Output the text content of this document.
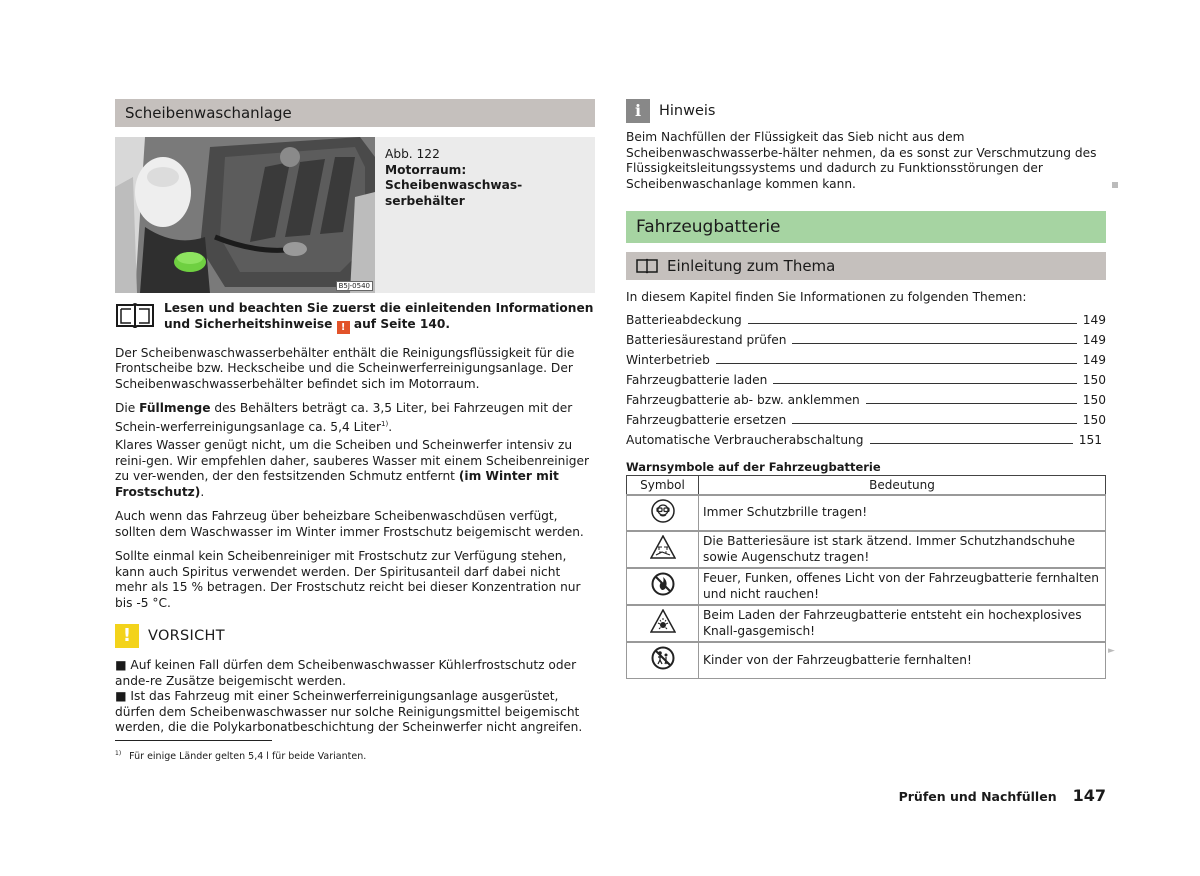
Scheibenwaschanlage
B5J-0540
Abb. 122
Motorraum: Scheibenwaschwas-serbehälter
Lesen und beachten Sie zuerst die einleitenden Informationen und Sicherheitshinweise ! auf Seite 140.
Der Scheibenwaschwasserbehälter enthält die Reinigungsflüssigkeit für die Frontscheibe bzw. Heckscheibe und die Scheinwerferreinigungsanlage. Der Scheibenwaschwasserbehälter befindet sich im Motorraum.
Die Füllmenge des Behälters beträgt ca. 3,5 Liter, bei Fahrzeugen mit der Schein-werferreinigungsanlage ca. 5,4 Liter$^{1)}$.
Klares Wasser genügt nicht, um die Scheiben und Scheinwerfer intensiv zu reini-gen. Wir empfehlen daher, sauberes Wasser mit einem Scheibenreiniger zu ver-wenden, der den festsitzenden Schmutz entfernt (im Winter mit Frostschutz).
Auch wenn das Fahrzeug über beheizbare Scheibenwaschdüsen verfügt, sollten dem Waschwasser im Winter immer Frostschutz beigemischt werden.
Sollte einmal kein Scheibenreiniger mit Frostschutz zur Verfügung stehen, kann auch Spiritus verwendet werden. Der Spiritusanteil darf dabei nicht mehr als 15 % betragen. Der Frostschutz reicht bei dieser Konzentration nur bis -5 °C.
!	VORSICHT
■ Auf keinen Fall dürfen dem Scheibenwaschwasser Kühlerfrostschutz oder ande-re Zusätze beigemischt werden.
■ Ist das Fahrzeug mit einer Scheinwerferreinigungsanlage ausgerüstet, dürfen dem Scheibenwaschwasser nur solche Reinigungsmittel beigemischt werden, die die Polykarbonatbeschichtung der Scheinwerfer nicht angreifen.
$^{1)}$ Für einige Länder gelten 5,4 l für beide Varianten.
i	Hinweis
Beim Nachfüllen der Flüssigkeit das Sieb nicht aus dem Scheibenwaschwasserbe-hälter nehmen, da es sonst zur Verschmutzung des Flüssigkeitsleitungssystems und dadurch zu Funktionsstörungen der Scheibenwaschanlage kommen kann.
Fahrzeugbatterie
Einleitung zum Thema
In diesem Kapitel finden Sie Informationen zu folgenden Themen:
Batterieabdeckung	149
Batteriesäurestand prüfen	149
Winterbetrieb	149
Fahrzeugbatterie laden	150
Fahrzeugbatterie ab- bzw. anklemmen	150
Fahrzeugbatterie ersetzen	150
Automatische Verbraucherabschaltung	151
Warnsymbole auf der Fahrzeugbatterie
Symbol	Bedeutung
	Immer Schutzbrille tragen!
	Die Batteriesäure ist stark ätzend. Immer Schutzhandschuhe sowie Augenschutz tragen!
	Feuer, Funken, offenes Licht von der Fahrzeugbatterie fernhalten und nicht rauchen!
	Beim Laden der Fahrzeugbatterie entsteht ein hochexplosives Knall-gasgemisch!
	Kinder von der Fahrzeugbatterie fernhalten!
►
Prüfen und Nachfüllen 147
